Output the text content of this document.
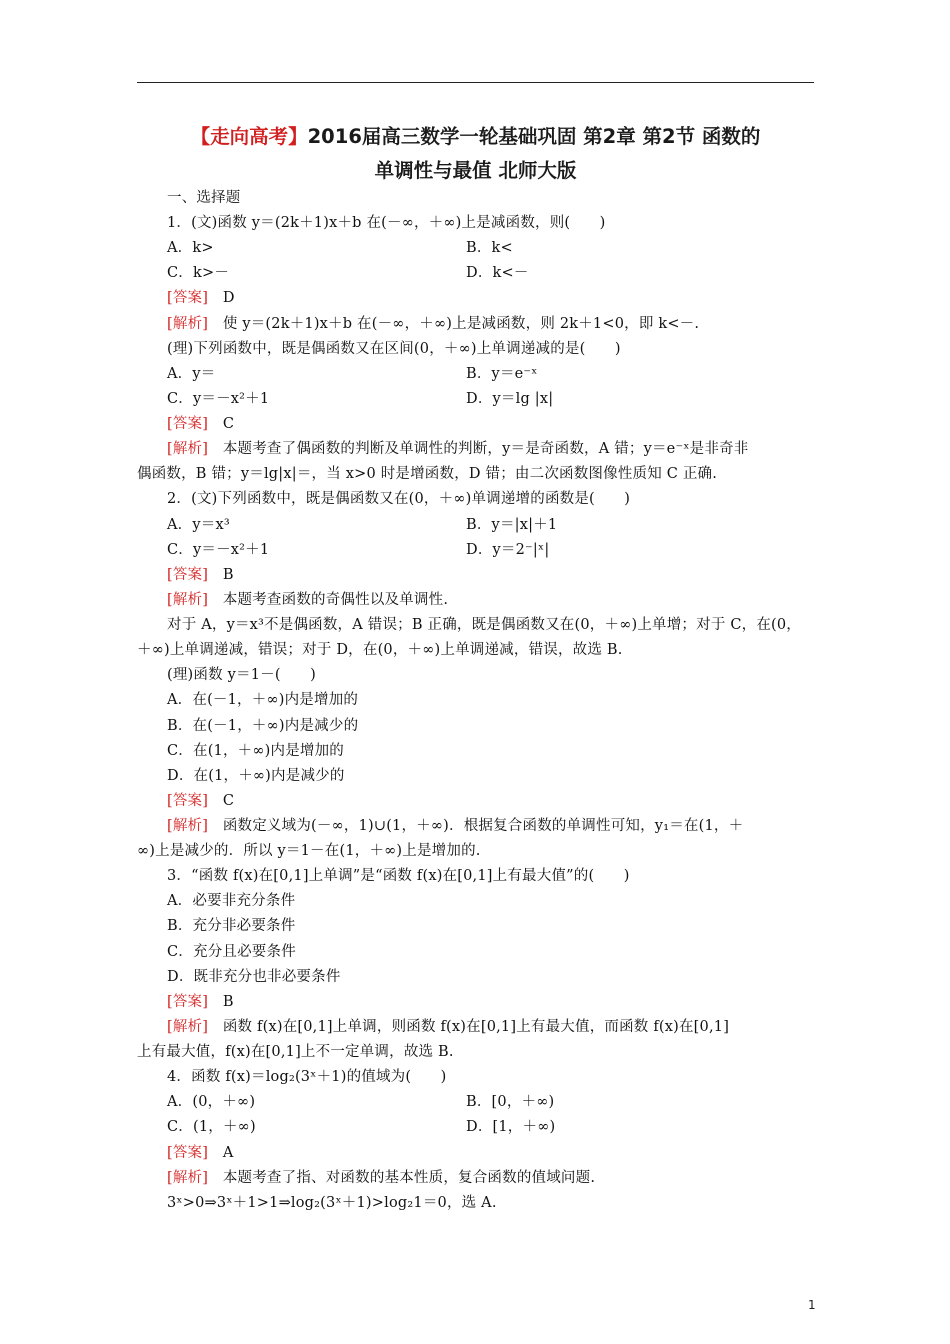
【走向高考】2016届高三数学一轮基础巩固 第2章 第2节 函数的
单调性与最值 北师大版
一、选择题
1．(文)函数 y＝(2k＋1)x＋b 在(－∞，＋∞)上是减函数，则(　　)
A．k>	B．k<
C．k>－	D．k<－
[答案]　D
[解析]　使 y＝(2k＋1)x＋b 在(－∞，＋∞)上是减函数，则 2k＋1<0，即 k<－.
(理)下列函数中，既是偶函数又在区间(0，＋∞)上单调递减的是(　　)
A．y＝	B．y＝e⁻ˣ
C．y＝－x²＋1	D．y＝lg |x|
[答案]　C
[解析]　本题考查了偶函数的判断及单调性的判断，y＝是奇函数，A 错；y＝e⁻ˣ是非奇非
偶函数，B 错；y＝lg|x|＝，当 x>0 时是增函数，D 错；由二次函数图像性质知 C 正确.
2．(文)下列函数中，既是偶函数又在(0，＋∞)单调递增的函数是(　　)
A．y＝x³	B．y＝|x|＋1
C．y＝－x²＋1	D．y＝2⁻|ˣ|
[答案]　B
[解析]　本题考查函数的奇偶性以及单调性.
对于 A，y＝x³不是偶函数，A 错误；B 正确，既是偶函数又在(0，＋∞)上单增；对于 C，在(0，
＋∞)上单调递减，错误；对于 D，在(0，＋∞)上单调递减，错误，故选 B.
(理)函数 y＝1－(　　)
A．在(－1，＋∞)内是增加的
B．在(－1，＋∞)内是减少的
C．在(1，＋∞)内是增加的
D．在(1，＋∞)内是减少的
[答案]　C
[解析]　函数定义域为(－∞，1)∪(1，＋∞)．根据复合函数的单调性可知，y₁＝在(1，＋
∞)上是减少的．所以 y＝1－在(1，＋∞)上是增加的.
3．“函数 f(x)在[0,1]上单调”是“函数 f(x)在[0,1]上有最大值”的(　　)
A．必要非充分条件
B．充分非必要条件
C．充分且必要条件
D．既非充分也非必要条件
[答案]　B
[解析]　函数 f(x)在[0,1]上单调，则函数 f(x)在[0,1]上有最大值，而函数 f(x)在[0,1]
上有最大值，f(x)在[0,1]上不一定单调，故选 B.
4．函数 f(x)＝log₂(3ˣ＋1)的值域为(　　)
A．(0，＋∞)	B．[0，＋∞)
C．(1，＋∞)	D．[1，＋∞)
[答案]　A
[解析]　本题考查了指、对函数的基本性质，复合函数的值域问题.
3ˣ>0⇒3ˣ＋1>1⇒log₂(3ˣ＋1)>log₂1＝0，选 A.
1
